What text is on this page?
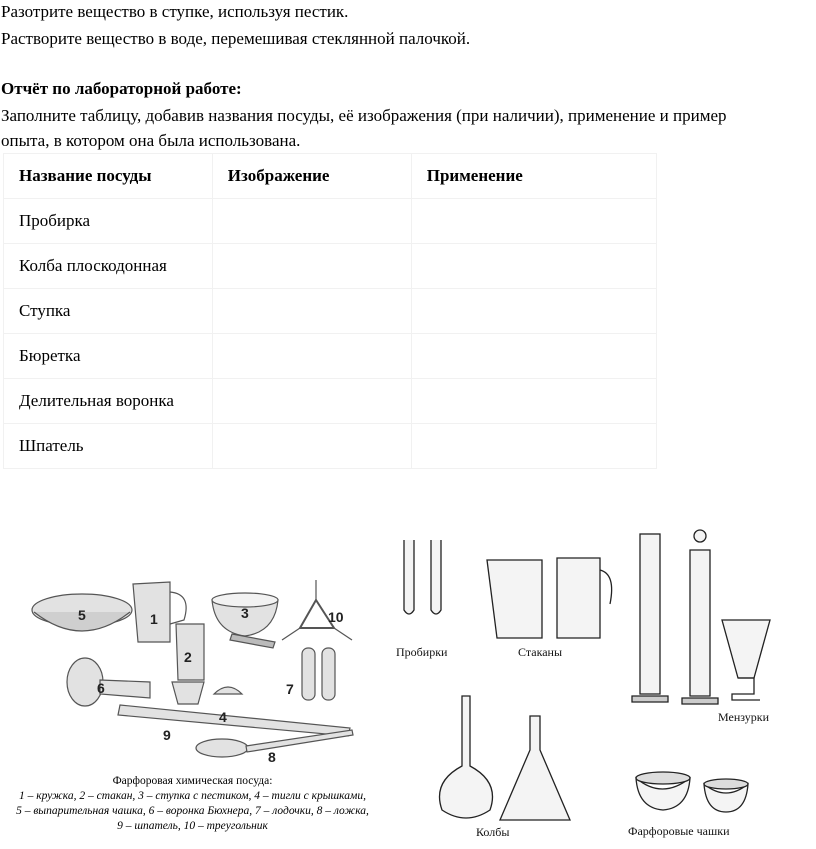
Разотрите вещество в ступке, используя пестик.
Растворите вещество в воде, перемешивая стеклянной палочкой.
Отчёт по лабораторной работе:
Заполните таблицу, добавив названия посуды, её изображения (при наличии), применение и пример
опыта, в котором она была использована.
Название посуды	Изображение	Применение
Пробирка		
Колба плоскодонная		
Ступка		
Бюретка		
Делительная воронка		
Шпатель		
5	1	3	10
2
6	7
4
9
8
Фарфоровая химическая посуда:
1 – кружка, 2 – стакан, 3 – ступка с пестиком, 4 – тигли с крышками,
5 – выпарительная чашка, 6 – воронка Бюхнера, 7 – лодочки, 8 – ложка,
9 – шпатель, 10 – треугольник
Пробирки	Стаканы
Мензурки
Колбы	Фарфоровые чашки
